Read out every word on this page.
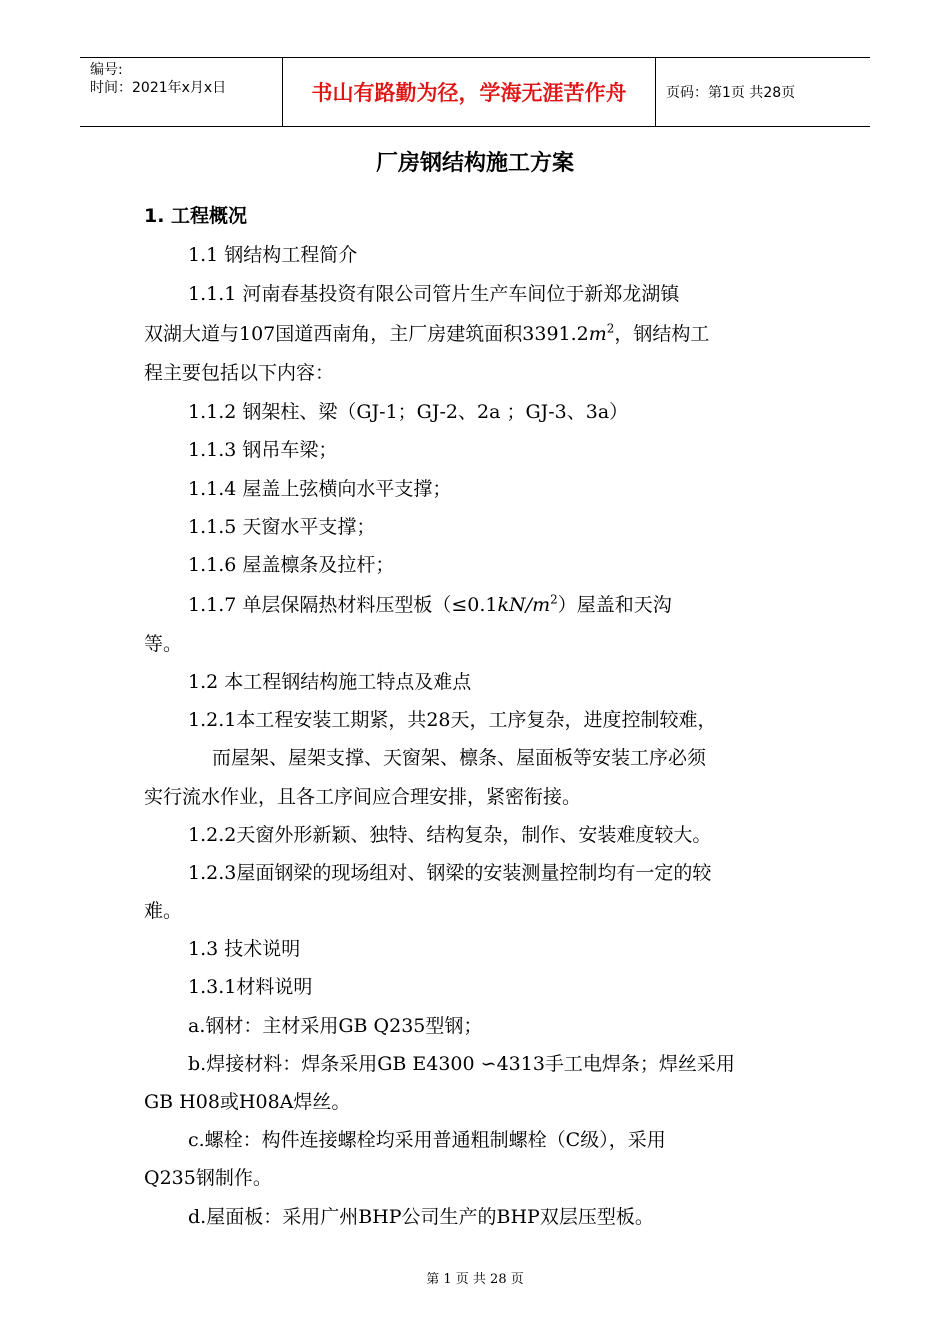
编号:
时间：2021年x月x日	书山有路勤为径，学海无涯苦作舟	页码：第1页 共28页
厂房钢结构施工方案
1. 工程概况
1.1 钢结构工程简介
1.1.1 河南春基投资有限公司管片生产车间位于新郑龙湖镇
双湖大道与107国道西南角，主厂房建筑面积$3391.2m^2$，钢结构工
程主要包括以下内容：
1.1.2 钢架柱、梁（GJ-1；GJ-2、2a ；GJ-3、3a）
1.1.3 钢吊车梁；
1.1.4 屋盖上弦横向水平支撑；
1.1.5 天窗水平支撑；
1.1.6 屋盖檩条及拉杆；
1.1.7 单层保隔热材料压型板$(\le 0.1kN/m^2)$屋盖和天沟
等。
1.2 本工程钢结构施工特点及难点
1.2.1本工程安装工期紧，共28天，工序复杂，进度控制较难，
而屋架、屋架支撑、天窗架、檩条、屋面板等安装工序必须
实行流水作业，且各工序间应合理安排，紧密衔接。
1.2.2天窗外形新颖、独特、结构复杂，制作、安装难度较大。
1.2.3屋面钢梁的现场组对、钢梁的安装测量控制均有一定的较
难。
1.3 技术说明
1.3.1材料说明
a.钢材：主材采用GB Q235型钢；
b.焊接材料：焊条采用GB E4300 ∽4313手工电焊条；焊丝采用
GB H08或H08A焊丝。
c.螺栓：构件连接螺栓均采用普通粗制螺栓（C级），采用
Q235钢制作。
d.屋面板：采用广州BHP公司生产的BHP双层压型板。
第 1 页 共 28 页
